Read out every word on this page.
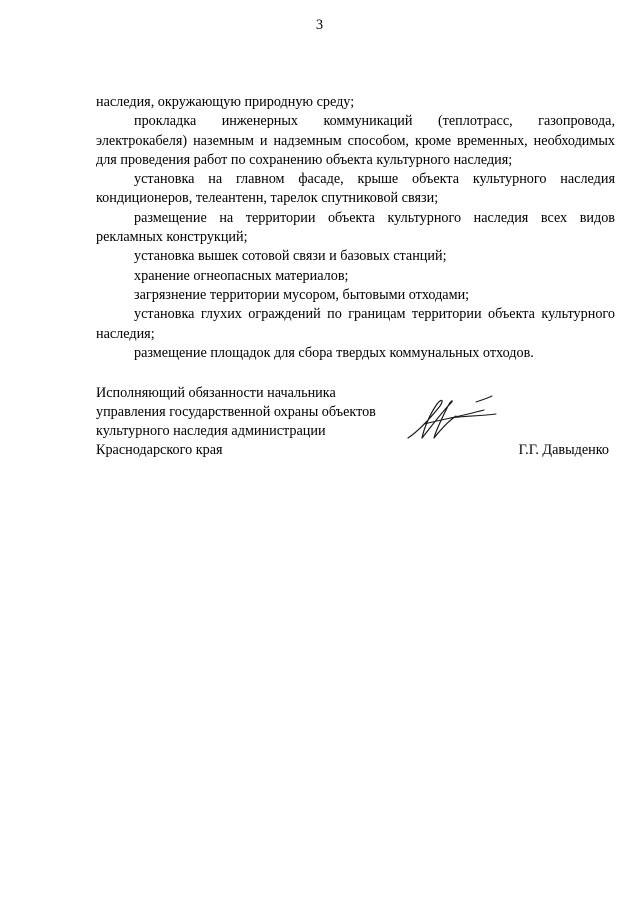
3

наследия, окружающую природную среду;

прокладка инженерных коммуникаций (теплотрасс, газопровода, электрокабеля) наземным и надземным способом, кроме временных, необходимых для проведения работ по сохранению объекта культурного наследия;

установка на главном фасаде, крыше объекта культурного наследия кондиционеров, телеантенн, тарелок спутниковой связи;

размещение на территории объекта культурного наследия всех видов рекламных конструкций;

установка вышек сотовой связи и базовых станций;

хранение огнеопасных материалов;

загрязнение территории мусором, бытовыми отходами;

установка глухих ограждений по границам территории объекта культурного наследия;

размещение площадок для сбора твердых коммунальных отходов.

Исполняющий обязанности начальника
управления государственной охраны объектов
культурного наследия администрации
Краснодарского края	Г.Г. Давыденко
